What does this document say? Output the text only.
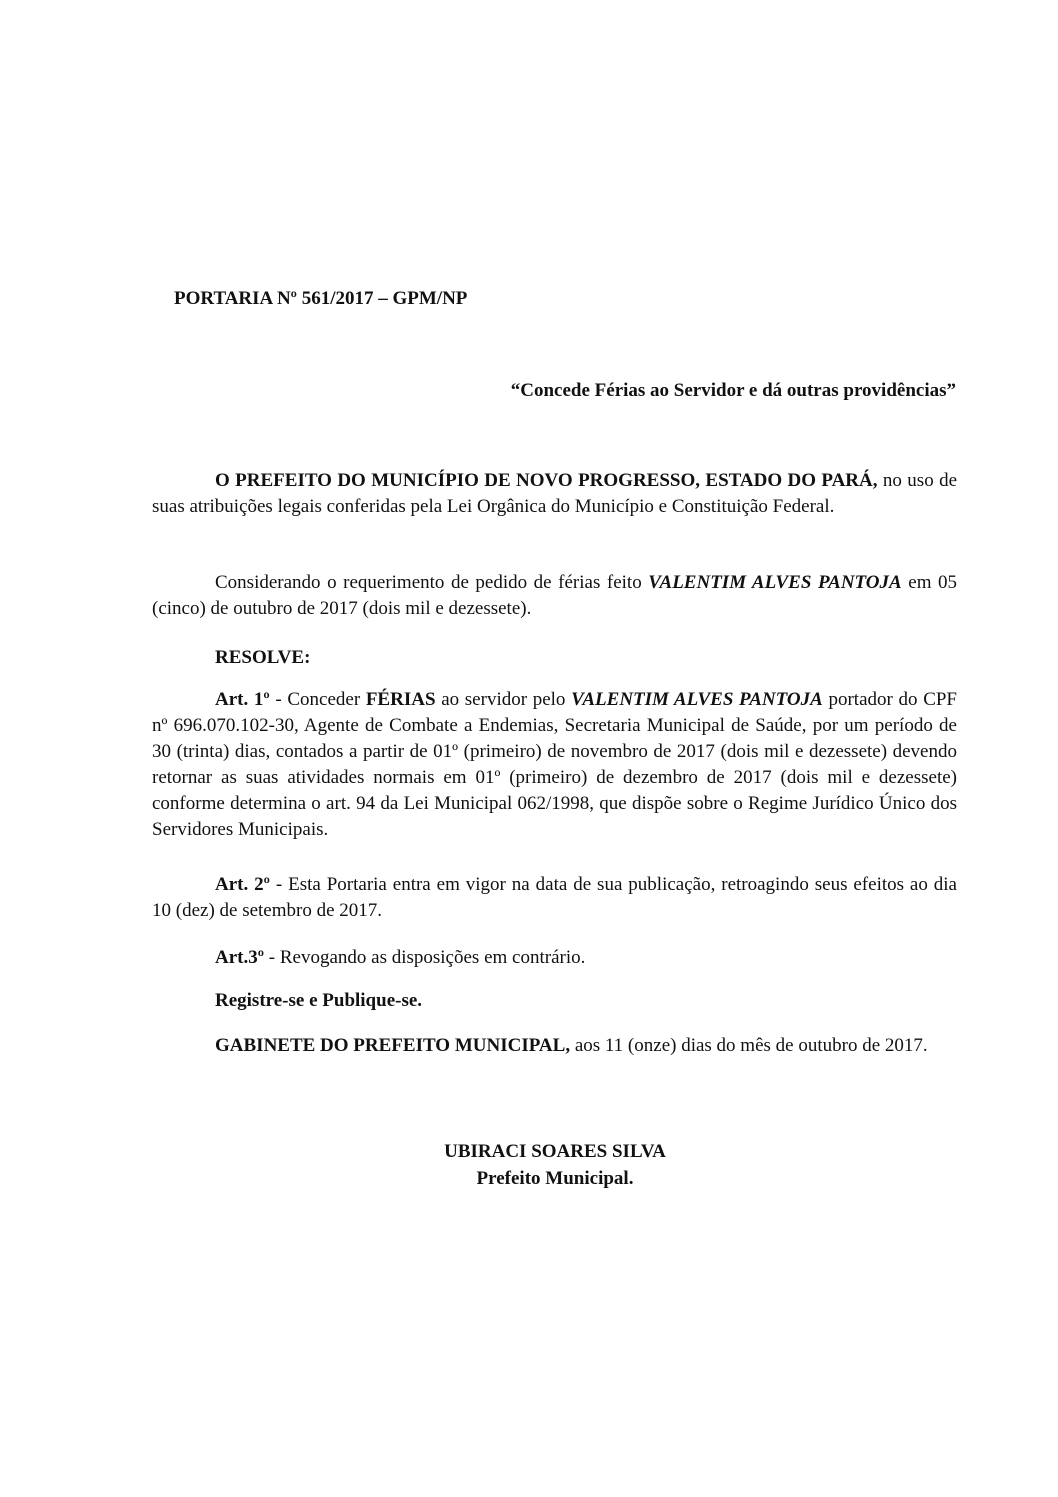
PORTARIA Nº 561/2017 – GPM/NP
“Concede Férias ao Servidor e dá outras providências”
O PREFEITO DO MUNICÍPIO DE NOVO PROGRESSO, ESTADO DO PARÁ, no uso de suas atribuições legais conferidas pela Lei Orgânica do Município e Constituição Federal.
Considerando o requerimento de pedido de férias feito VALENTIM ALVES PANTOJA em 05 (cinco) de outubro de 2017 (dois mil e dezessete).
RESOLVE:
Art. 1º - Conceder FÉRIAS ao servidor pelo VALENTIM ALVES PANTOJA portador do CPF nº 696.070.102-30, Agente de Combate a Endemias, Secretaria Municipal de Saúde, por um período de 30 (trinta) dias, contados a partir de 01º (primeiro) de novembro de 2017 (dois mil e dezessete) devendo retornar as suas atividades normais em 01º (primeiro) de dezembro de 2017 (dois mil e dezessete) conforme determina o art. 94 da Lei Municipal 062/1998, que dispõe sobre o Regime Jurídico Único dos Servidores Municipais.
Art. 2º - Esta Portaria entra em vigor na data de sua publicação, retroagindo seus efeitos ao dia 10 (dez) de setembro de 2017.
Art.3º - Revogando as disposições em contrário.
Registre-se e Publique-se.
GABINETE DO PREFEITO MUNICIPAL, aos 11 (onze) dias do mês de outubro de 2017.
UBIRACI SOARES SILVA
Prefeito Municipal.
